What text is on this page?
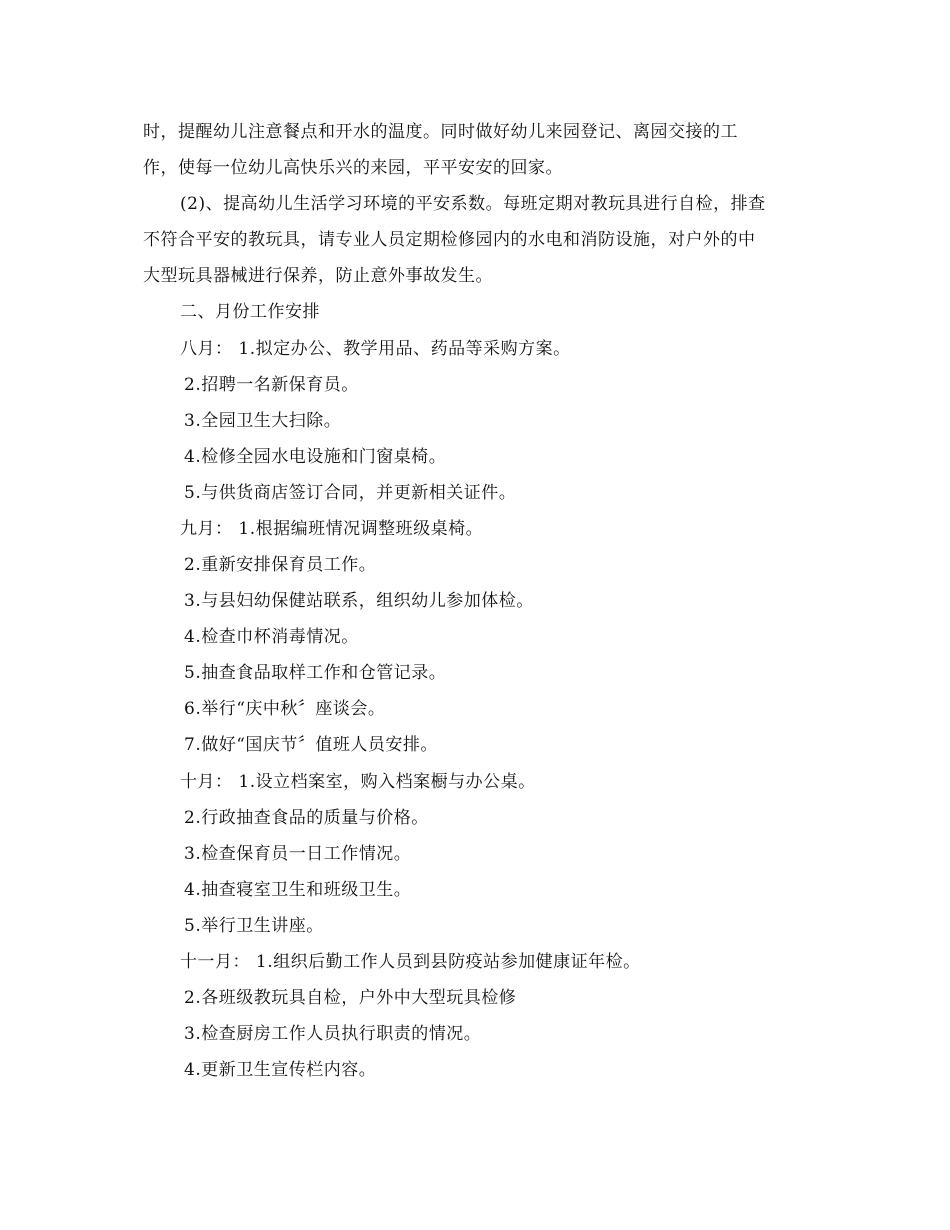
时，提醒幼儿注意餐点和开水的温度。同时做好幼儿来园登记、离园交接的工
作，使每一位幼儿高快乐兴的来园，平平安安的回家。
(2)、提高幼儿生活学习环境的平安系数。每班定期对教玩具进行自检，排查
不符合平安的教玩具，请专业人员定期检修园内的水电和消防设施，对户外的中
大型玩具器械进行保养，防止意外事故发生。
二、月份工作安排
八月： 1.拟定办公、教学用品、药品等采购方案。
2.招聘一名新保育员。
3.全园卫生大扫除。
4.检修全园水电设施和门窗桌椅。
5.与供货商店签订合同，并更新相关证件。
九月： 1.根据编班情况调整班级桌椅。
2.重新安排保育员工作。
3.与县妇幼保健站联系，组织幼儿参加体检。
4.检查巾杯消毒情况。
5.抽查食品取样工作和仓管记录。
6.举行“庆中秋〞座谈会。
7.做好“国庆节〞值班人员安排。
十月： 1.设立档案室，购入档案橱与办公桌。
2.行政抽查食品的质量与价格。
3.检查保育员一日工作情况。
4.抽查寝室卫生和班级卫生。
5.举行卫生讲座。
十一月： 1.组织后勤工作人员到县防疫站参加健康证年检。
2.各班级教玩具自检，户外中大型玩具检修
3.检查厨房工作人员执行职责的情况。
4.更新卫生宣传栏内容。
